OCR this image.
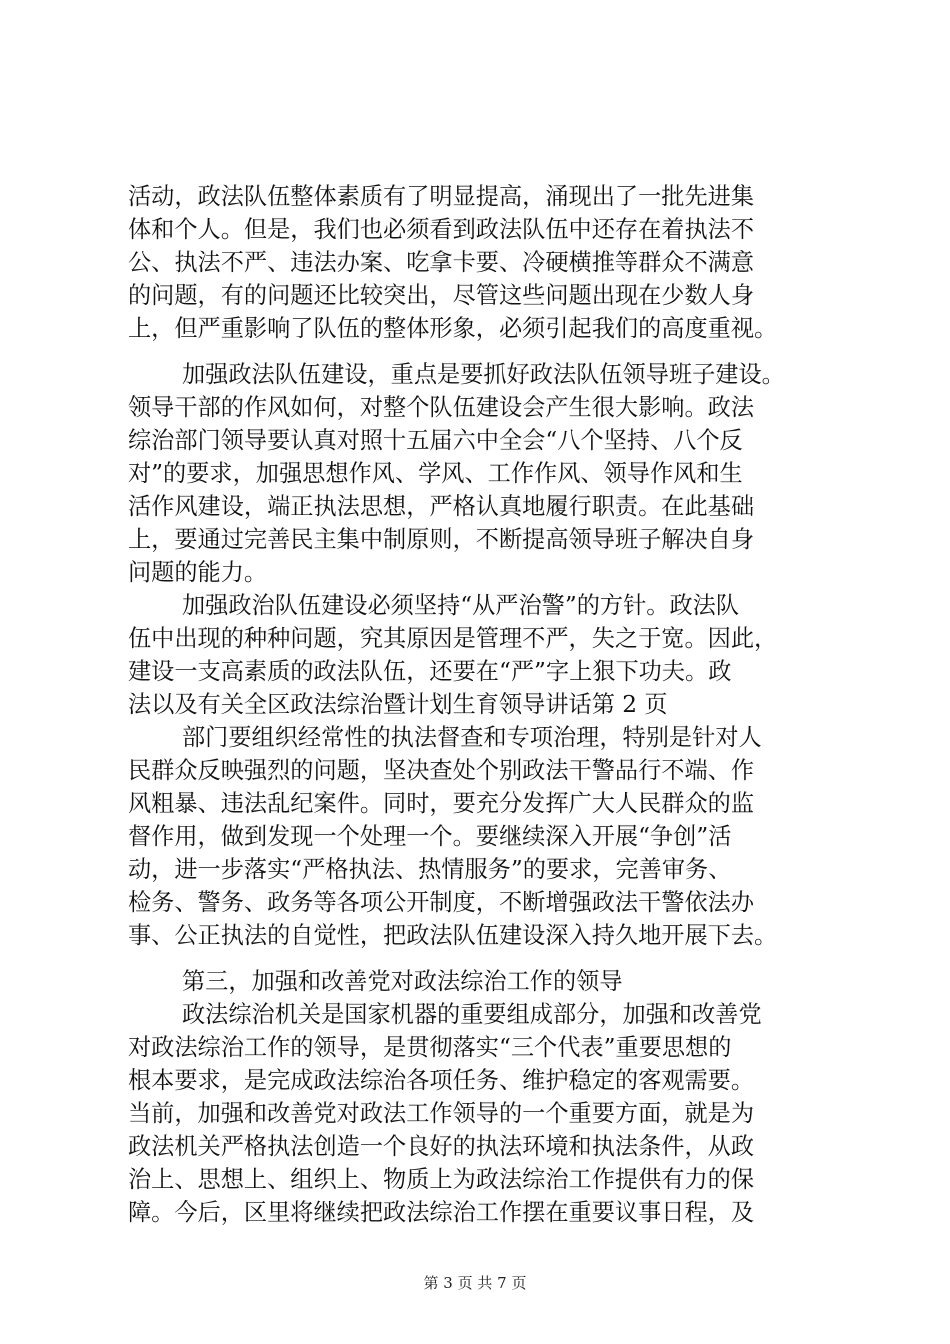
活动，政法队伍整体素质有了明显提高，涌现出了一批先进集
体和个人。但是，我们也必须看到政法队伍中还存在着执法不
公、执法不严、违法办案、吃拿卡要、冷硬横推等群众不满意
的问题，有的问题还比较突出，尽管这些问题出现在少数人身
上，但严重影响了队伍的整体形象，必须引起我们的高度重视。
加强政法队伍建设，重点是要抓好政法队伍领导班子建设。
领导干部的作风如何，对整个队伍建设会产生很大影响。政法
综治部门领导要认真对照十五届六中全会“八个坚持、八个反
对”的要求，加强思想作风、学风、工作作风、领导作风和生
活作风建设，端正执法思想，严格认真地履行职责。在此基础
上，要通过完善民主集中制原则，不断提高领导班子解决自身
问题的能力。
加强政治队伍建设必须坚持“从严治警”的方针。政法队
伍中出现的种种问题，究其原因是管理不严，失之于宽。因此，
建设一支高素质的政法队伍，还要在“严”字上狠下功夫。政
法以及有关全区政法综治暨计划生育领导讲话第 2 页
部门要组织经常性的执法督查和专项治理，特别是针对人
民群众反映强烈的问题，坚决查处个别政法干警品行不端、作
风粗暴、违法乱纪案件。同时，要充分发挥广大人民群众的监
督作用，做到发现一个处理一个。要继续深入开展“争创”活
动，进一步落实“严格执法、热情服务”的要求，完善审务、
检务、警务、政务等各项公开制度，不断增强政法干警依法办
事、公正执法的自觉性，把政法队伍建设深入持久地开展下去。
第三，加强和改善党对政法综治工作的领导
政法综治机关是国家机器的重要组成部分，加强和改善党
对政法综治工作的领导，是贯彻落实“三个代表”重要思想的
根本要求，是完成政法综治各项任务、维护稳定的客观需要。
当前，加强和改善党对政法工作领导的一个重要方面，就是为
政法机关严格执法创造一个良好的执法环境和执法条件，从政
治上、思想上、组织上、物质上为政法综治工作提供有力的保
障。今后，区里将继续把政法综治工作摆在重要议事日程，及
第 3 页 共 7 页
